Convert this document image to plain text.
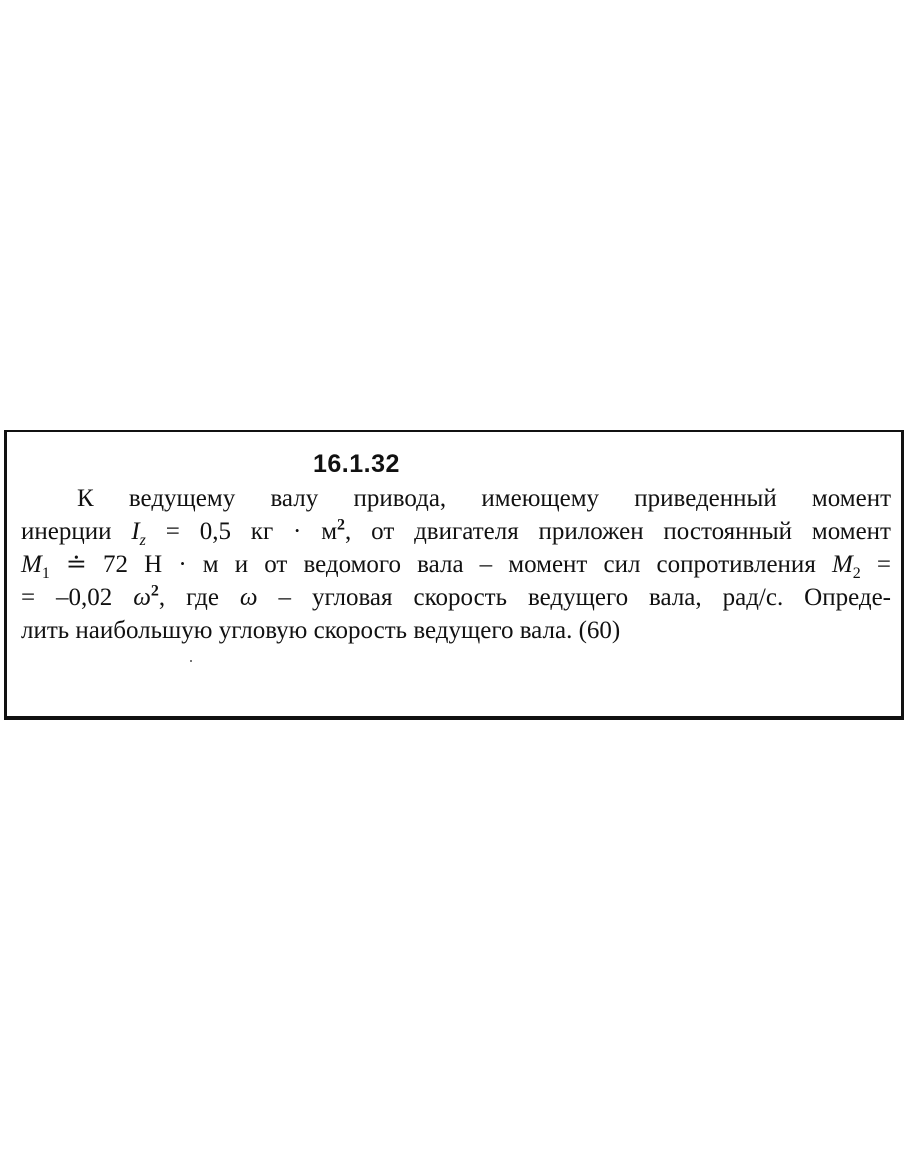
16.1.32
К ведущему валу привода, имеющему приведенный момент
инерции $I_z = 0,5$ кг · $м^2$, от двигателя приложен постоянный момент
$M_1$ ≐ 72 Н · м и от ведомого вала – момент сил сопротивления $M_2$ =
= –0,02 $\omega^2$, где ω – угловая скорость ведущего вала, рад/с. Опреде-
лить наибольшую угловую скорость ведущего вала. (60)
